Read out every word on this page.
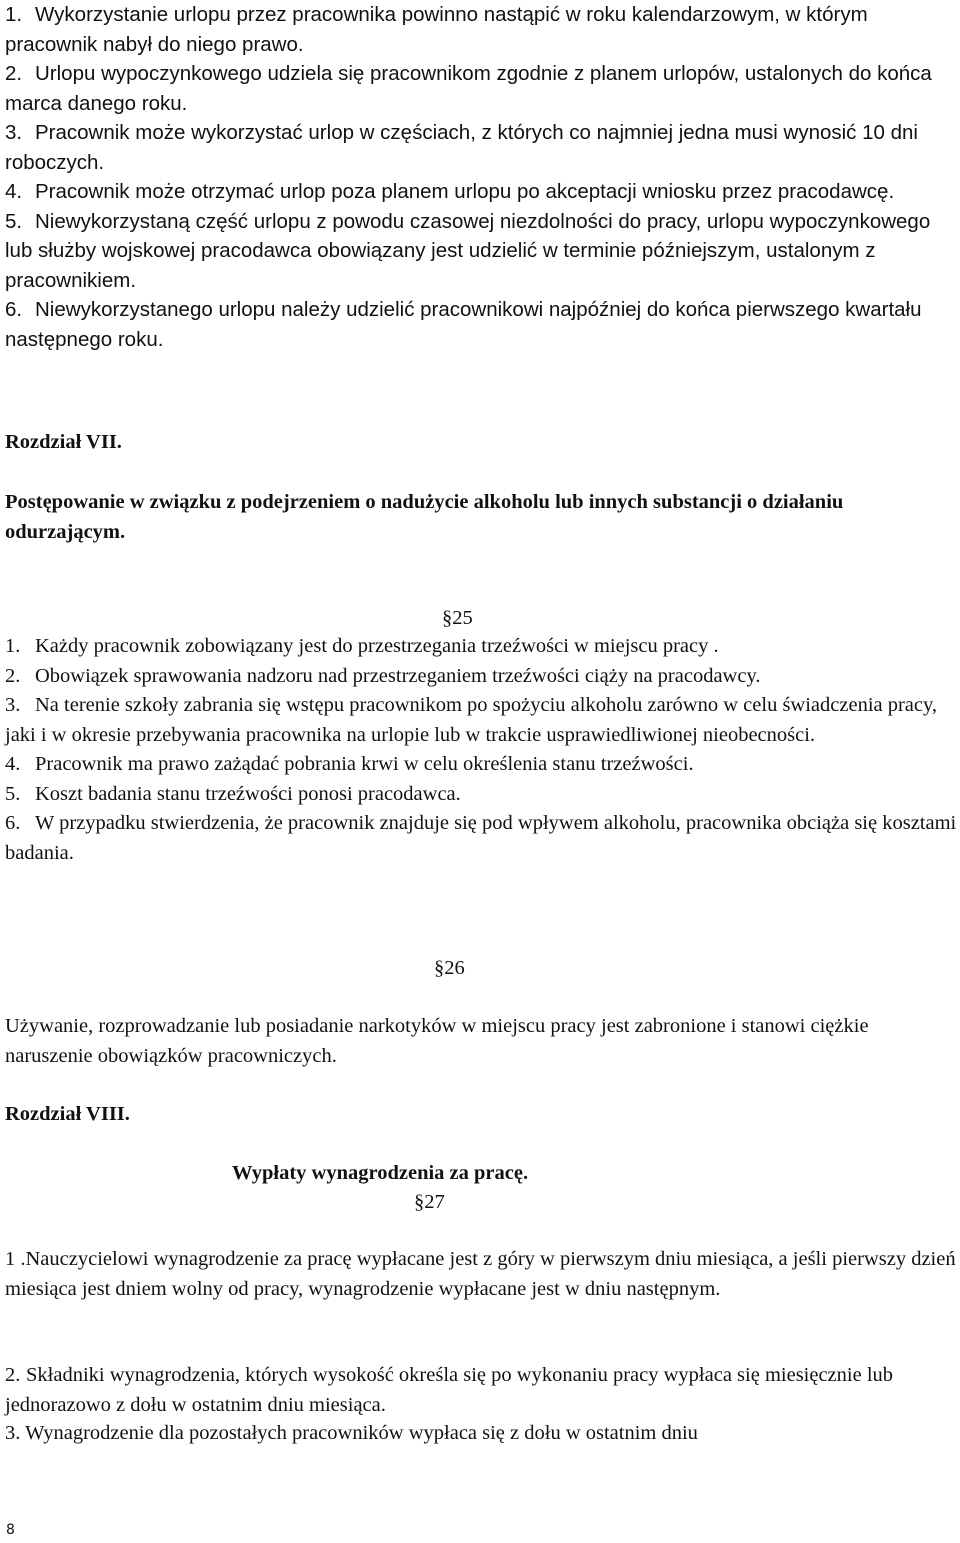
1. Wykorzystanie urlopu przez pracownika powinno nastąpić w roku kalendarzowym, w którym pracownik nabył do niego prawo.
2. Urlopu wypoczynkowego udziela się pracownikom zgodnie z planem urlopów, ustalonych do końca marca danego roku.
3. Pracownik może wykorzystać urlop w częściach, z których co najmniej jedna musi wynosić 10 dni roboczych.
4. Pracownik może otrzymać urlop poza planem urlopu po akceptacji wniosku przez pracodawcę.
5. Niewykorzystaną część urlopu z powodu czasowej niezdolności do pracy, urlopu wypoczynkowego lub służby wojskowej pracodawca obowiązany jest udzielić w terminie późniejszym, ustalonym z pracownikiem.
6. Niewykorzystanego urlopu należy udzielić pracownikowi najpóźniej do końca pierwszego kwartału następnego roku.

Rozdział VII.

Postępowanie w związku z podejrzeniem o nadużycie alkoholu lub innych substancji o działaniu odurzającym.

§25

1. Każdy pracownik zobowiązany jest do przestrzegania trzeźwości w miejscu pracy .
2. Obowiązek sprawowania nadzoru nad przestrzeganiem trzeźwości ciąży na pracodawcy.
3. Na terenie szkoły zabrania się wstępu pracownikom po spożyciu alkoholu zarówno w celu świadczenia pracy, jaki i w okresie przebywania pracownika na urlopie lub w trakcie usprawiedliwionej nieobecności.
4. Pracownik ma prawo zażądać pobrania krwi w celu określenia stanu trzeźwości.
5. Koszt badania stanu trzeźwości ponosi pracodawca.
6. W przypadku stwierdzenia, że pracownik znajduje się pod wpływem alkoholu, pracownika obciąża się kosztami badania.

§26

Używanie, rozprowadzanie lub posiadanie narkotyków w miejscu pracy jest zabronione i stanowi ciężkie naruszenie obowiązków pracowniczych.

Rozdział VIII.

Wypłaty wynagrodzenia za pracę.

§27

1 .Nauczycielowi wynagrodzenie za pracę wypłacane jest z góry w pierwszym dniu miesiąca, a jeśli pierwszy dzień miesiąca jest dniem wolny od pracy, wynagrodzenie wypłacane jest w dniu następnym.
2. Składniki wynagrodzenia, których wysokość określa się po wykonaniu pracy wypłaca się miesięcznie lub jednorazowo z dołu w ostatnim dniu miesiąca.
3. Wynagrodzenie dla pozostałych pracowników wypłaca się z dołu w ostatnim dniu

8
